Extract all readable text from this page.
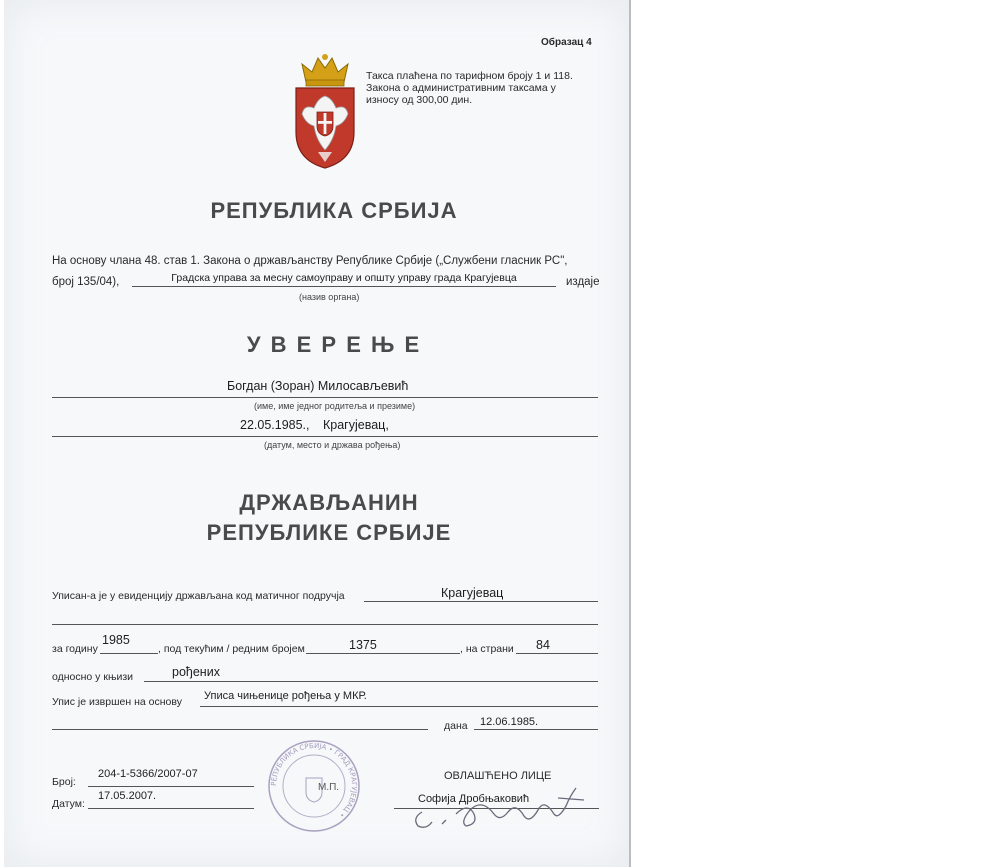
Образац 4
Такса плаћена по тарифном броју 1 и 118.
Закона о административним таксама у
износу од 300,00 дин.
РЕПУБЛИКА СРБИЈА
На основу члана 48. став 1. Закона о држављанству Републике Србије („Службени гласник РС",
број 135/04),	Градска управа за месну самоуправу и општу управу града Крагујевца	издаје
(назив органа)
У В Е Р Е Њ Е
Богдан (Зоран) Милосављевић
(име, име једног родитеља и презиме)
22.05.1985., Крагујевац,
(датум, место и држава рођења)
ДРЖАВЉАНИН
РЕПУБЛИКЕ СРБИЈЕ
Уписан-a je у евиденцију држављана код матичног подручја	Крагујевац
за годину
1985
, под текућим / редним бројем	1375	, на страни 84
односно у књизи	рођених
Упис је извршен на основу Уписа чињенице рођења у МКР.
дана 12.06.1985.
Број:
204-1-5366/2007-07
Датум:
17.05.2007.
РЕПУБЛИКА СРБИЈА • ГРАД КРАГУЈЕВАЦ •
М.П.
ОВЛАШЋЕНО ЛИЦЕ
Софија Дробњаковић
